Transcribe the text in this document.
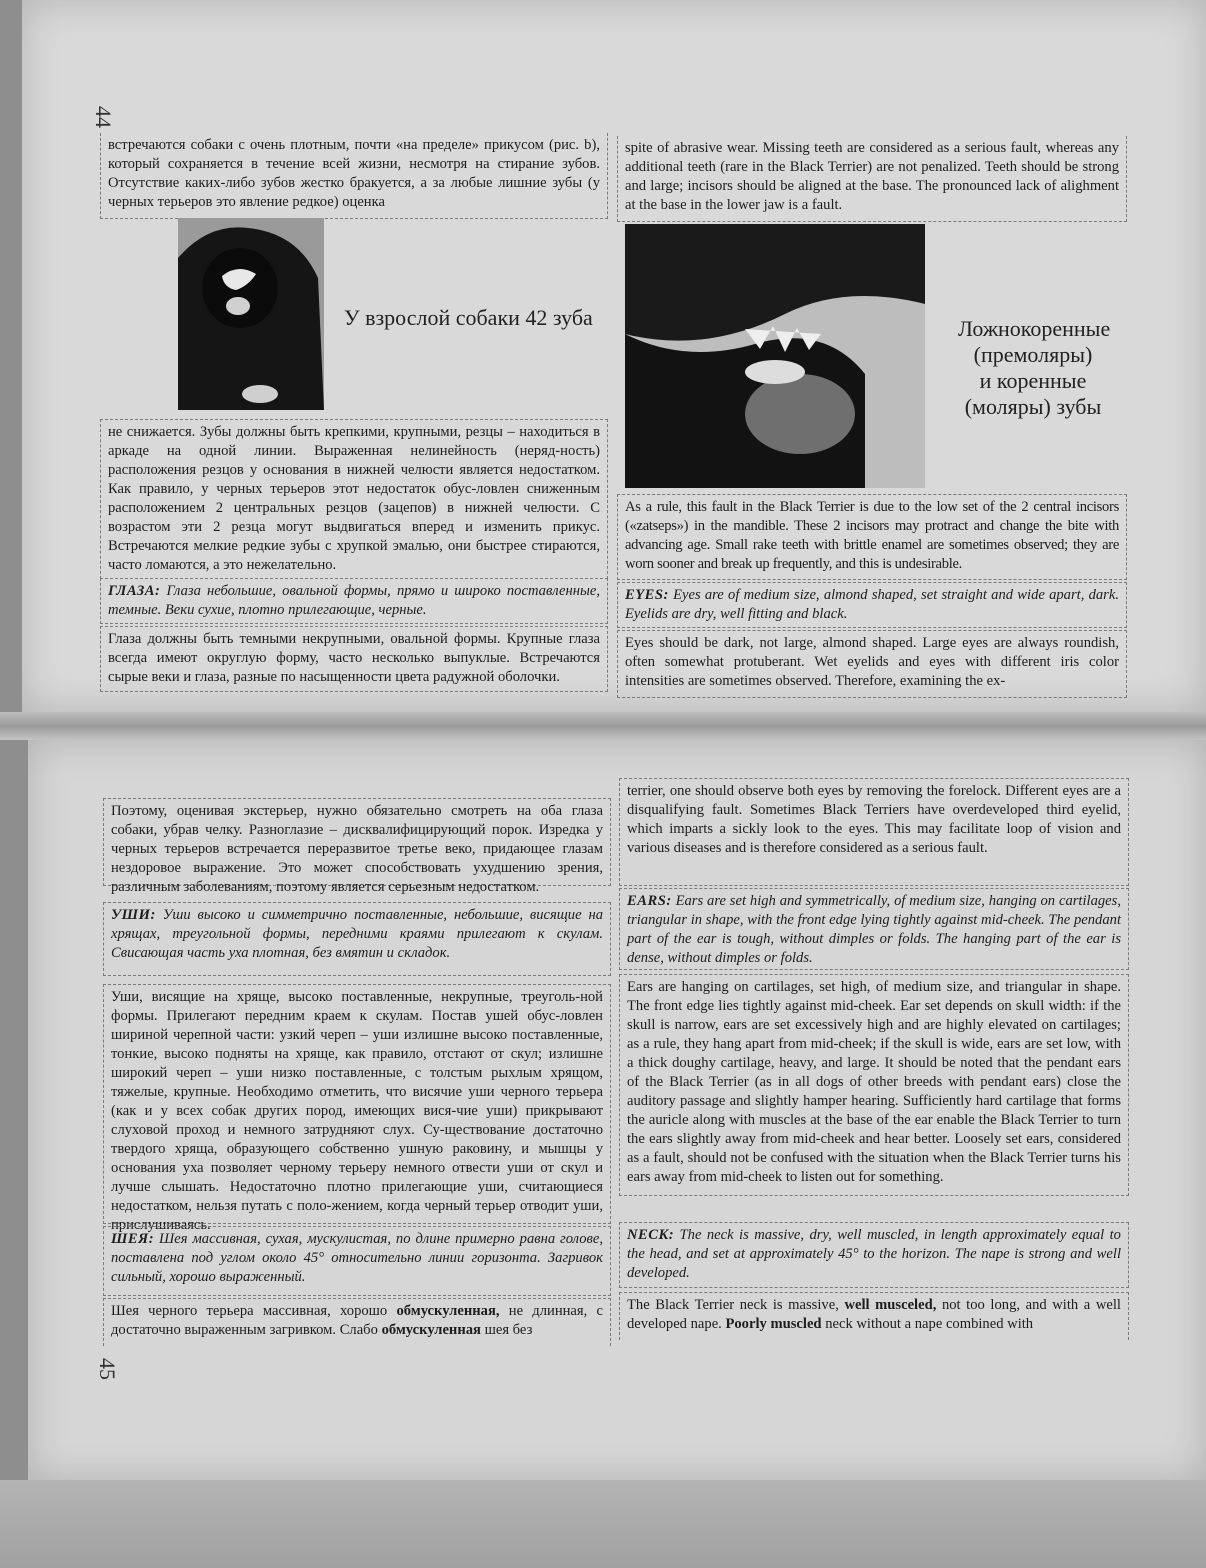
44
встречаются собаки с очень плотным, почти «на пределе» прикусом (рис. b), который сохраняется в течение всей жизни, несмотря на стирание зубов. Отсутствие каких-либо зубов жестко бракуется, а за любые лишние зубы (у черных терьеров это явление редкое) оценка
У взрослой собаки 42 зуба
не снижается. Зубы должны быть крепкими, крупными, резцы – находиться в аркаде на одной линии. Выраженная нелинейность (неряд-ность) расположения резцов у основания в нижней челюсти является недостатком. Как правило, у черных терьеров этот недостаток обус-ловлен сниженным расположением 2 центральных резцов (зацепов) в нижней челюсти. С возрастом эти 2 резца могут выдвигаться вперед и изменить прикус. Встречаются мелкие редкие зубы с хрупкой эмалью, они быстрее стираются, часто ломаются, а это нежелательно.
ГЛАЗА: Глаза небольшие, овальной формы, прямо и широко поставленные, темные. Веки сухие, плотно прилегающие, черные.
Глаза должны быть темными некрупными, овальной формы. Крупные глаза всегда имеют округлую форму, часто несколько выпуклые. Встречаются сырые веки и глаза, разные по насыщенности цвета радужной оболочки.
spite of abrasive wear. Missing teeth are considered as a serious fault, whereas any additional teeth (rare in the Black Terrier) are not penalized. Teeth should be strong and large; incisors should be aligned at the base. The pronounced lack of alighment at the base in the lower jaw is a fault.
Ложнокоренные
(премоляры)
и коренные
(моляры) зубы
As a rule, this fault in the Black Terrier is due to the low set of the 2 central incisors («zatseps») in the mandible. These 2 incisors may protract and change the bite with advancing age. Small rake teeth with brittle enamel are sometimes observed; they are worn sooner and break up frequently, and this is undesirable.
EYES: Eyes are of medium size, almond shaped, set straight and wide apart, dark. Eyelids are dry, well fitting and black.
Eyes should be dark, not large, almond shaped. Large eyes are always roundish, often somewhat protuberant. Wet eyelids and eyes with different iris color intensities are sometimes observed. Therefore, examining the ex-
Поэтому, оценивая экстерьер, нужно обязательно смотреть на оба глаза собаки, убрав челку. Разноглазие – дисквалифицирующий порок. Изредка у черных терьеров встречается переразвитое третье веко, придающее глазам нездоровое выражение. Это может способствовать ухудшению зрения, различным заболеваниям, поэтому является серьезным недостатком.
УШИ: Уши высоко и симметрично поставленные, небольшие, висящие на хрящах, треугольной формы, передними краями прилегают к скулам. Свисающая часть уха плотная, без вмятин и складок.
Уши, висящие на хряще, высоко поставленные, некрупные, треуголь-ной формы. Прилегают передним краем к скулам. Постав ушей обус-ловлен шириной черепной части: узкий череп – уши излишне высоко поставленные, тонкие, высоко подняты на хряще, как правило, отстают от скул; излишне широкий череп – уши низко поставленные, с толстым рыхлым хрящом, тяжелые, крупные. Необходимо отметить, что висячие уши черного терьера (как и у всех собак других пород, имеющих вися-чие уши) прикрывают слуховой проход и немного затрудняют слух. Су-ществование достаточно твердого хряща, образующего собственно ушную раковину, и мышцы у основания уха позволяет черному терьеру немного отвести уши от скул и лучше слышать. Недостаточно плотно прилегающие уши, считающиеся недостатком, нельзя путать с поло-жением, когда черный терьер отводит уши, прислушиваясь.
ШЕЯ: Шея массивная, сухая, мускулистая, по длине примерно равна голове, поставлена под углом около 45° относительно линии горизонта. Загривок сильный, хорошо выраженный.
Шея черного терьера массивная, хорошо обмускуленная, не длинная, с достаточно выраженным загривком. Слабо обмускуленная шея без
45
terrier, one should observe both eyes by removing the forelock. Different eyes are a disqualifying fault. Sometimes Black Terriers have overdeveloped third eyelid, which imparts a sickly look to the eyes. This may facilitate loop of vision and various diseases and is therefore considered as a serious fault.
EARS: Ears are set high and symmetrically, of medium size, hanging on cartilages, triangular in shape, with the front edge lying tightly against mid-cheek. The pendant part of the ear is tough, without dimples or folds. The hanging part of the ear is dense, without dimples or folds.
Ears are hanging on cartilages, set high, of medium size, and triangular in shape. The front edge lies tightly against mid-cheek. Ear set depends on skull width: if the skull is narrow, ears are set excessively high and are highly elevated on cartilages; as a rule, they hang apart from mid-cheek; if the skull is wide, ears are set low, with a thick doughy cartilage, heavy, and large. It should be noted that the pendant ears of the Black Terrier (as in all dogs of other breeds with pendant ears) close the auditory passage and slightly hamper hearing. Sufficiently hard cartilage that forms the auricle along with muscles at the base of the ear enable the Black Terrier to turn the ears slightly away from mid-cheek and hear better. Loosely set ears, considered as a fault, should not be confused with the situation when the Black Terrier turns his ears away from mid-cheek to listen out for something.
NECK: The neck is massive, dry, well muscled, in length approximately equal to the head, and set at approximately 45° to the horizon. The nape is strong and well developed.
The Black Terrier neck is massive, well musceled, not too long, and with a well developed nape. Poorly muscled neck without a nape combined with
